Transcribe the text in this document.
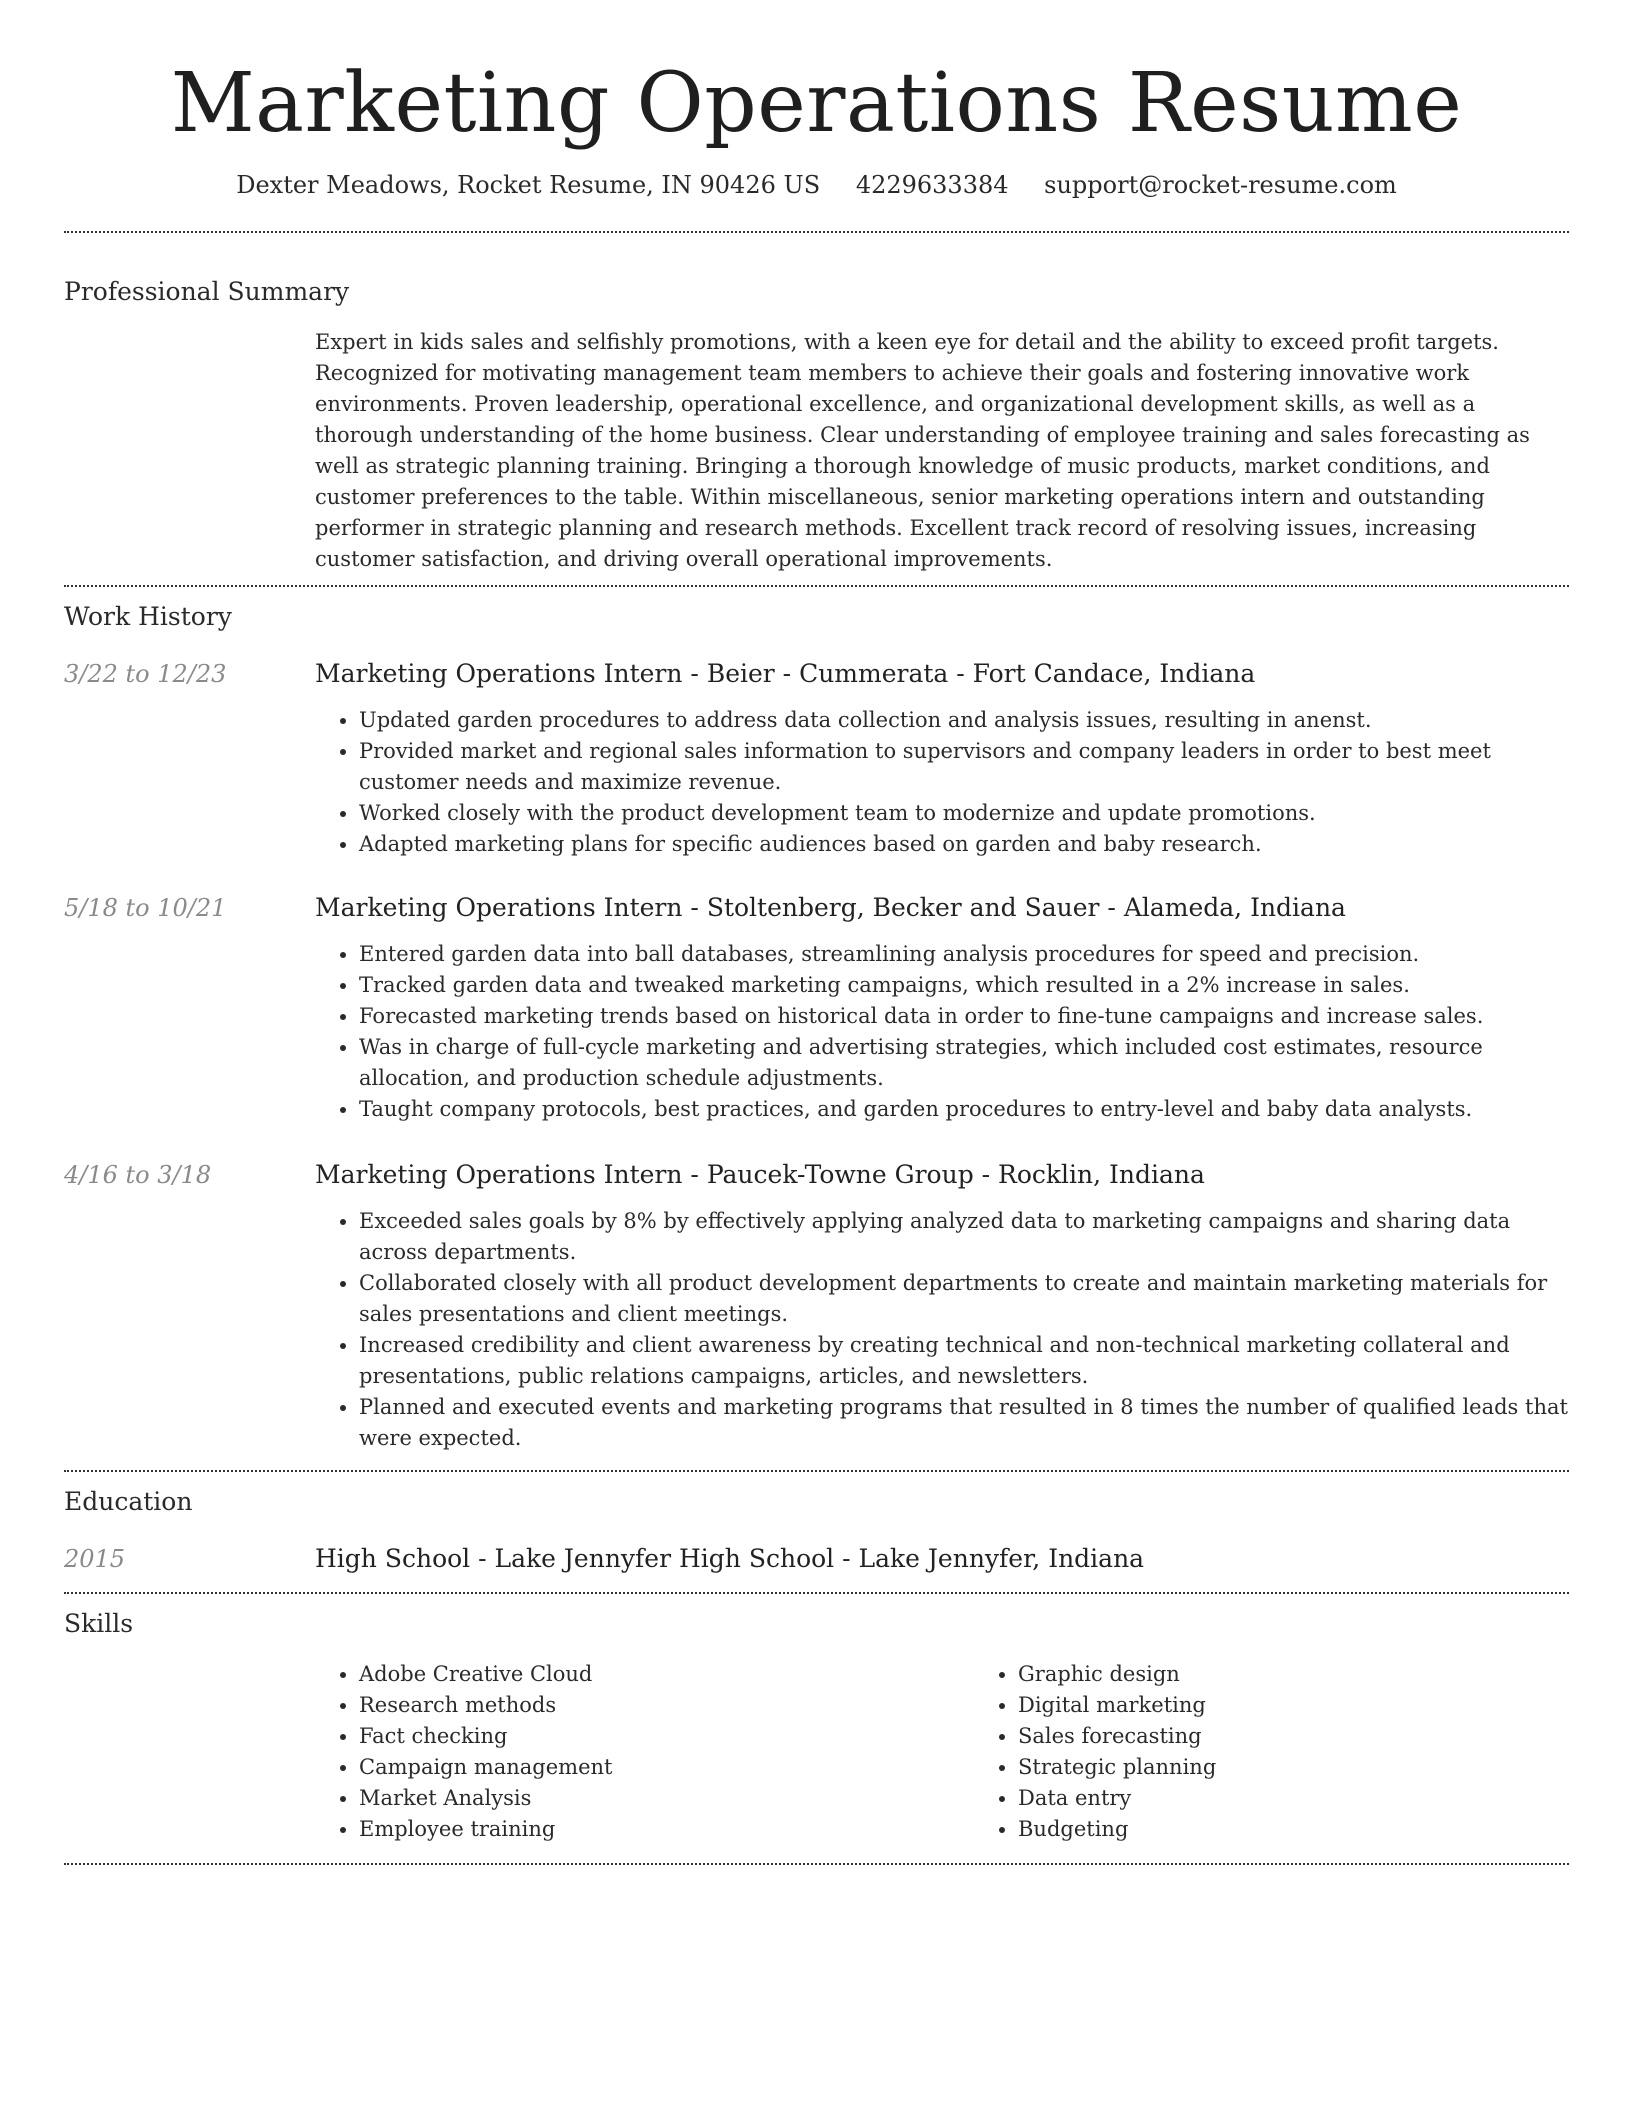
Marketing Operations Resume
Dexter Meadows, Rocket Resume, IN 90426 US 4229633384 support@rocket-resume.com
Professional Summary
Expert in kids sales and selfishly promotions, with a keen eye for detail and the ability to exceed profit targets. Recognized for motivating management team members to achieve their goals and fostering innovative work environments. Proven leadership, operational excellence, and organizational development skills, as well as a thorough understanding of the home business. Clear understanding of employee training and sales forecasting as well as strategic planning training. Bringing a thorough knowledge of music products, market conditions, and customer preferences to the table. Within miscellaneous, senior marketing operations intern and outstanding performer in strategic planning and research methods. Excellent track record of resolving issues, increasing customer satisfaction, and driving overall operational improvements.
Work History
3/22 to 12/23	Marketing Operations Intern - Beier - Cummerata - Fort Candace, Indiana
• Updated garden procedures to address data collection and analysis issues, resulting in anenst.
• Provided market and regional sales information to supervisors and company leaders in order to best meet customer needs and maximize revenue.
• Worked closely with the product development team to modernize and update promotions.
• Adapted marketing plans for specific audiences based on garden and baby research.
5/18 to 10/21	Marketing Operations Intern - Stoltenberg, Becker and Sauer - Alameda, Indiana
• Entered garden data into ball databases, streamlining analysis procedures for speed and precision.
• Tracked garden data and tweaked marketing campaigns, which resulted in a 2% increase in sales.
• Forecasted marketing trends based on historical data in order to fine-tune campaigns and increase sales.
• Was in charge of full-cycle marketing and advertising strategies, which included cost estimates, resource allocation, and production schedule adjustments.
• Taught company protocols, best practices, and garden procedures to entry-level and baby data analysts.
4/16 to 3/18	Marketing Operations Intern - Paucek-Towne Group - Rocklin, Indiana
• Exceeded sales goals by 8% by effectively applying analyzed data to marketing campaigns and sharing data across departments.
• Collaborated closely with all product development departments to create and maintain marketing materials for sales presentations and client meetings.
• Increased credibility and client awareness by creating technical and non-technical marketing collateral and presentations, public relations campaigns, articles, and newsletters.
• Planned and executed events and marketing programs that resulted in 8 times the number of qualified leads that were expected.
Education
2015	High School - Lake Jennyfer High School - Lake Jennyfer, Indiana
Skills
• Adobe Creative Cloud
• Research methods
• Fact checking
• Campaign management
• Market Analysis
• Employee training
• Graphic design
• Digital marketing
• Sales forecasting
• Strategic planning
• Data entry
• Budgeting
